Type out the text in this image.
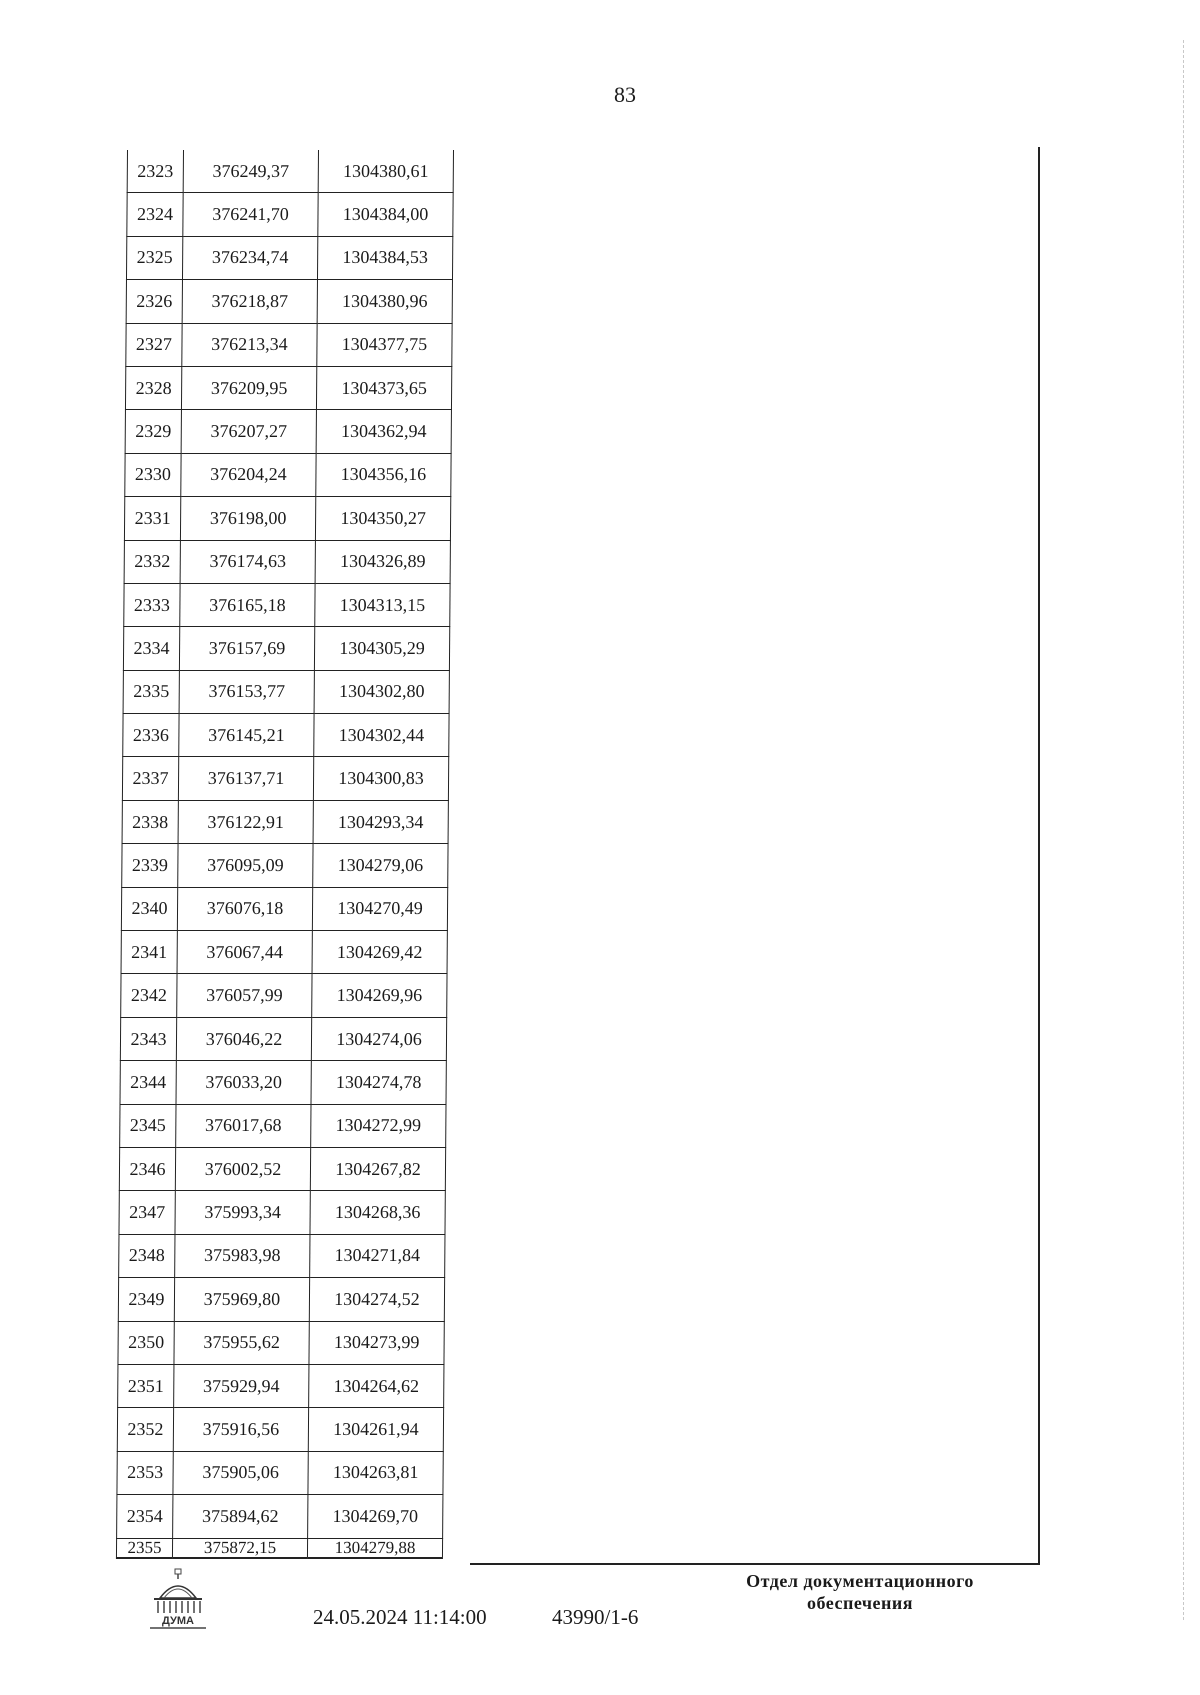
83
2323	376249,37	1304380,61
2324	376241,70	1304384,00
2325	376234,74	1304384,53
2326	376218,87	1304380,96
2327	376213,34	1304377,75
2328	376209,95	1304373,65
2329	376207,27	1304362,94
2330	376204,24	1304356,16
2331	376198,00	1304350,27
2332	376174,63	1304326,89
2333	376165,18	1304313,15
2334	376157,69	1304305,29
2335	376153,77	1304302,80
2336	376145,21	1304302,44
2337	376137,71	1304300,83
2338	376122,91	1304293,34
2339	376095,09	1304279,06
2340	376076,18	1304270,49
2341	376067,44	1304269,42
2342	376057,99	1304269,96
2343	376046,22	1304274,06
2344	376033,20	1304274,78
2345	376017,68	1304272,99
2346	376002,52	1304267,82
2347	375993,34	1304268,36
2348	375983,98	1304271,84
2349	375969,80	1304274,52
2350	375955,62	1304273,99
2351	375929,94	1304264,62
2352	375916,56	1304261,94
2353	375905,06	1304263,81
2354	375894,62	1304269,70
2355	375872,15	1304279,88
ДУМА	24.05.2024 11:14:00	43990/1-6
Отдел документационного
обеспечения
